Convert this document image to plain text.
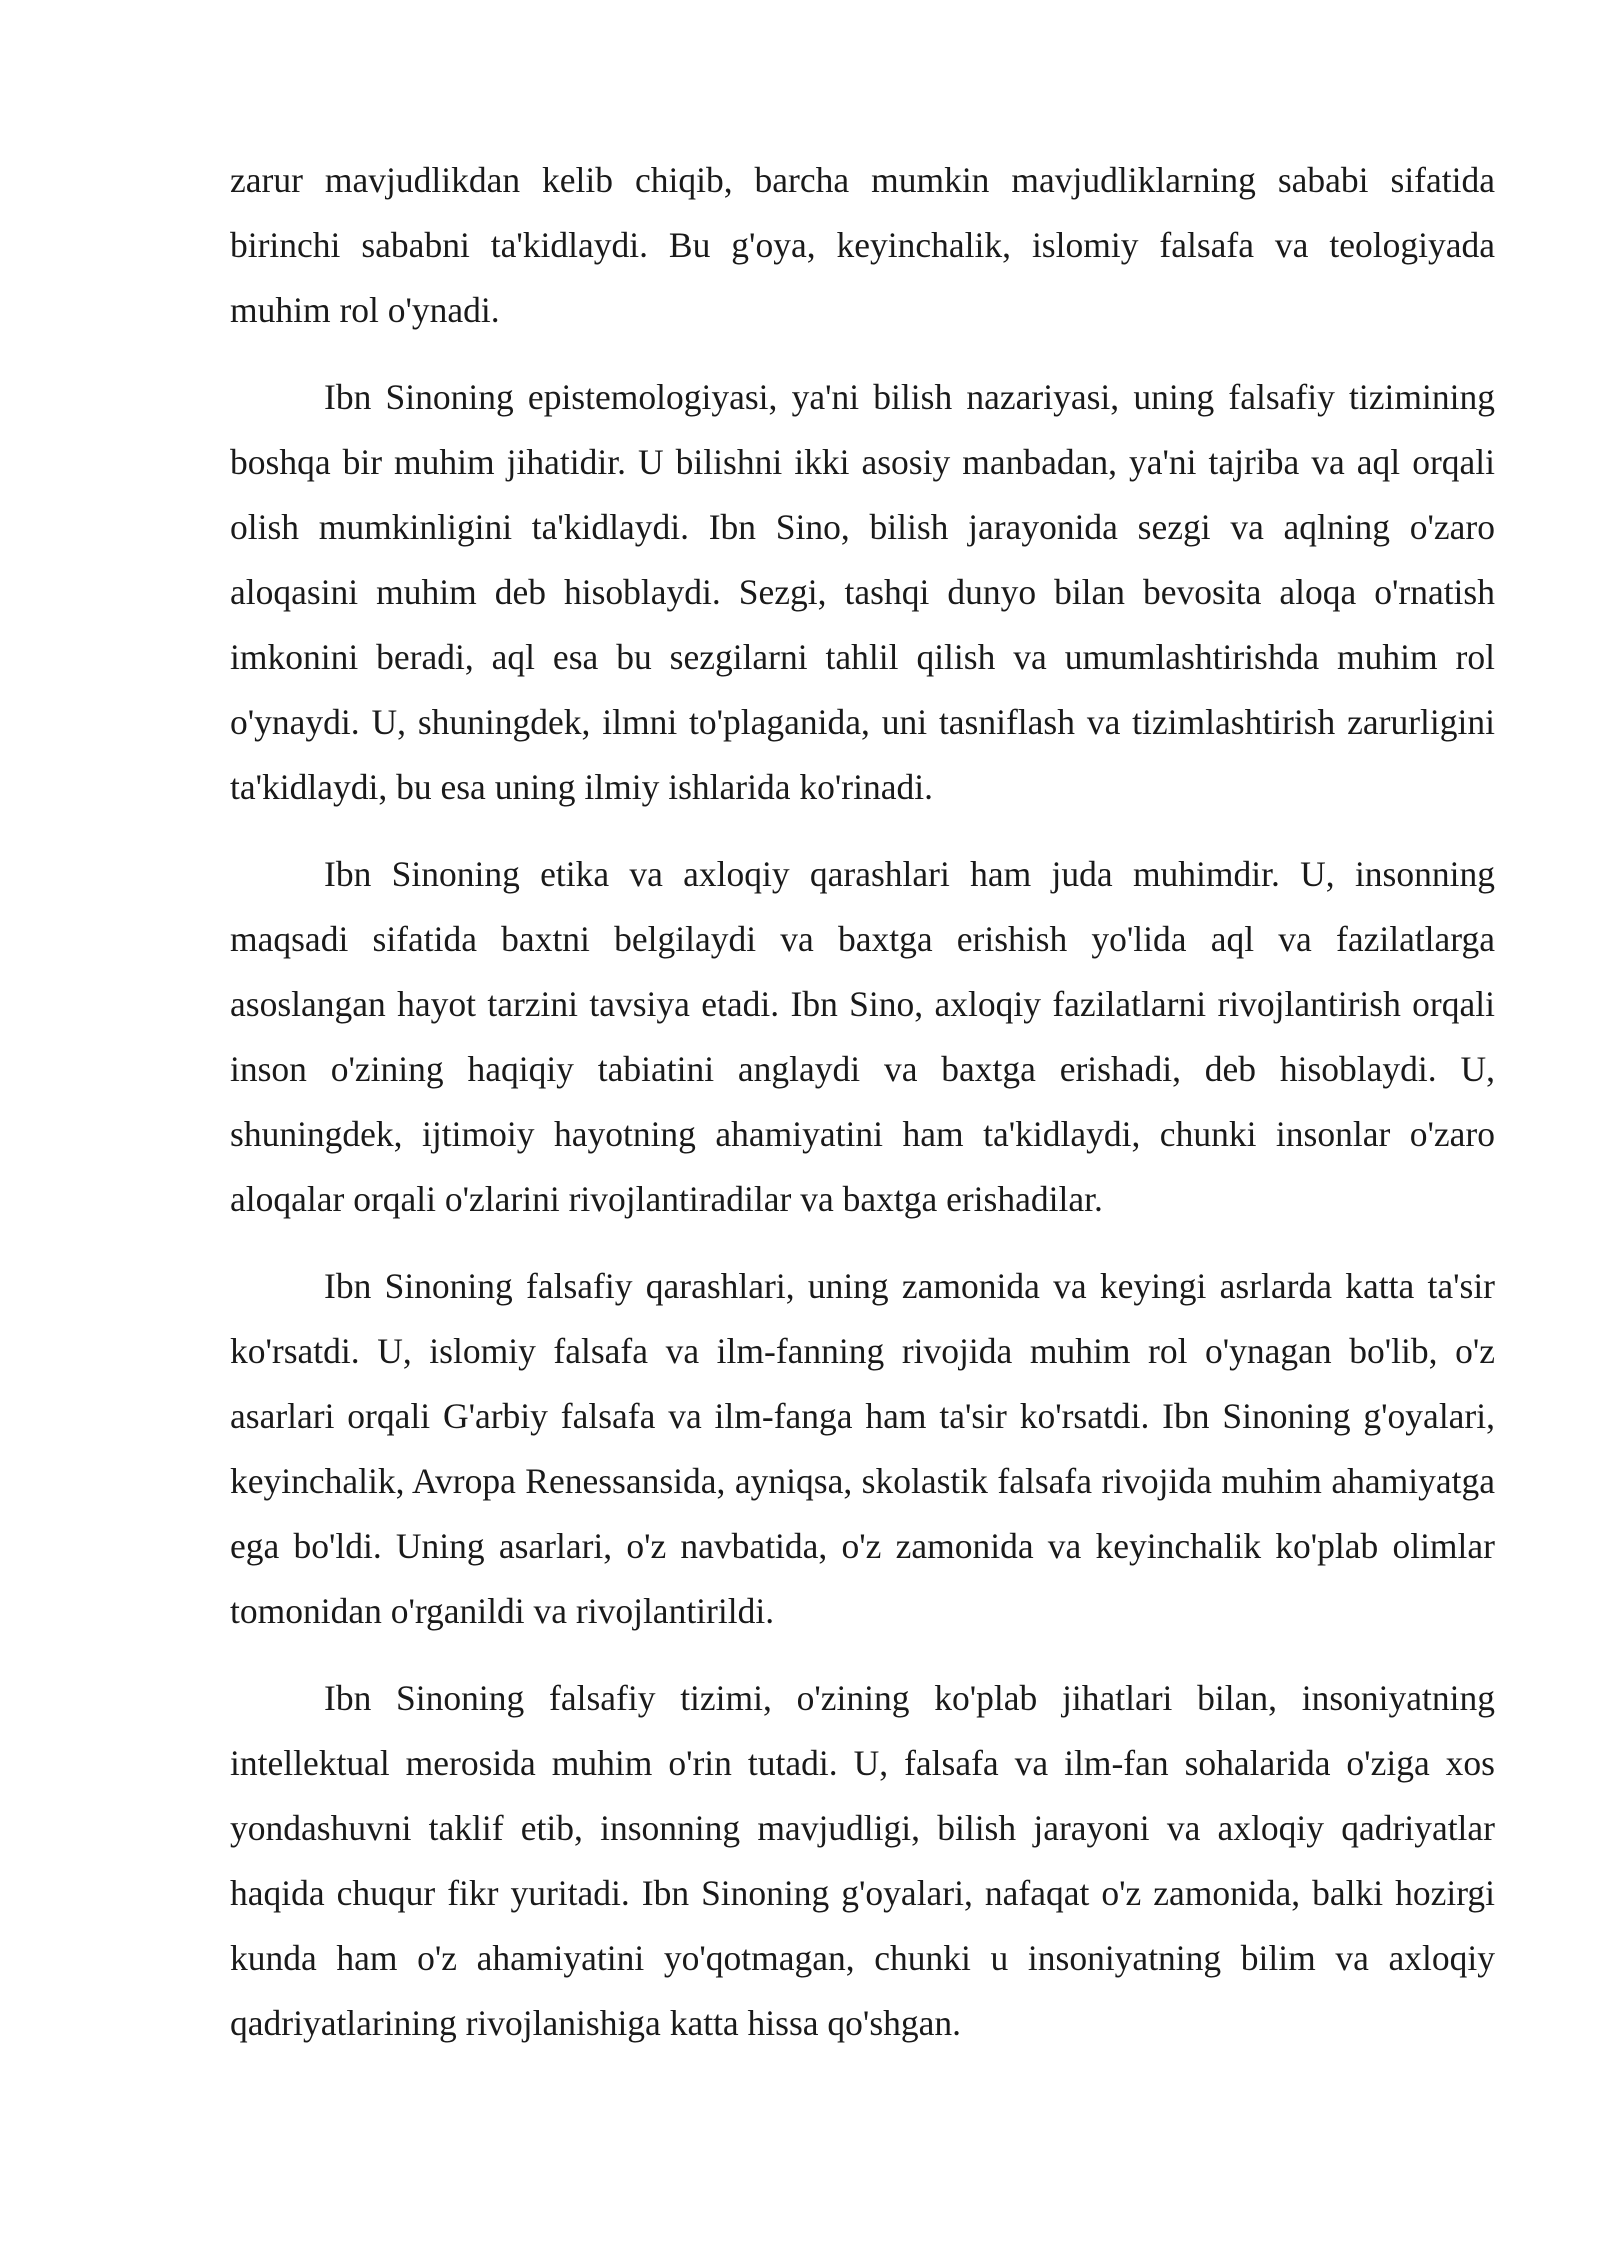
zarur mavjudlikdan kelib chiqib, barcha mumkin mavjudliklarning sababi sifatida birinchi sababni ta'kidlaydi. Bu g'oya, keyinchalik, islomiy falsafa va teologiyada muhim rol o'ynadi.

Ibn Sinoning epistemologiyasi, ya'ni bilish nazariyasi, uning falsafiy tizimining boshqa bir muhim jihatidir. U bilishni ikki asosiy manbadan, ya'ni tajriba va aql orqali olish mumkinligini ta'kidlaydi. Ibn Sino, bilish jarayonida sezgi va aqlning o'zaro aloqasini muhim deb hisoblaydi. Sezgi, tashqi dunyo bilan bevosita aloqa o'rnatish imkonini beradi, aql esa bu sezgilarni tahlil qilish va umumlashtirishda muhim rol o'ynaydi. U, shuningdek, ilmni to'plaganida, uni tasniflash va tizimlashtirish zarurligini ta'kidlaydi, bu esa uning ilmiy ishlarida ko'rinadi.

Ibn Sinoning etika va axloqiy qarashlari ham juda muhimdir. U, insonning maqsadi sifatida baxtni belgilaydi va baxtga erishish yo'lida aql va fazilatlarga asoslangan hayot tarzini tavsiya etadi. Ibn Sino, axloqiy fazilatlarni rivojlantirish orqali inson o'zining haqiqiy tabiatini anglaydi va baxtga erishadi, deb hisoblaydi. U, shuningdek, ijtimoiy hayotning ahamiyatini ham ta'kidlaydi, chunki insonlar o'zaro aloqalar orqali o'zlarini rivojlantiradilar va baxtga erishadilar.

Ibn Sinoning falsafiy qarashlari, uning zamonida va keyingi asrlarda katta ta'sir ko'rsatdi. U, islomiy falsafa va ilm-fanning rivojida muhim rol o'ynagan bo'lib, o'z asarlari orqali G'arbiy falsafa va ilm-fanga ham ta'sir ko'rsatdi. Ibn Sinoning g'oyalari, keyinchalik, Avropa Renessansida, ayniqsa, skolastik falsafa rivojida muhim ahamiyatga ega bo'ldi. Uning asarlari, o'z navbatida, o'z zamonida va keyinchalik ko'plab olimlar tomonidan o'rganildi va rivojlantirildi.

Ibn Sinoning falsafiy tizimi, o'zining ko'plab jihatlari bilan, insoniyatning intellektual merosida muhim o'rin tutadi. U, falsafa va ilm-fan sohalarida o'ziga xos yondashuvni taklif etib, insonning mavjudligi, bilish jarayoni va axloqiy qadriyatlar haqida chuqur fikr yuritadi. Ibn Sinoning g'oyalari, nafaqat o'z zamonida, balki hozirgi kunda ham o'z ahamiyatini yo'qotmagan, chunki u insoniyatning bilim va axloqiy qadriyatlarining rivojlanishiga katta hissa qo'shgan.
